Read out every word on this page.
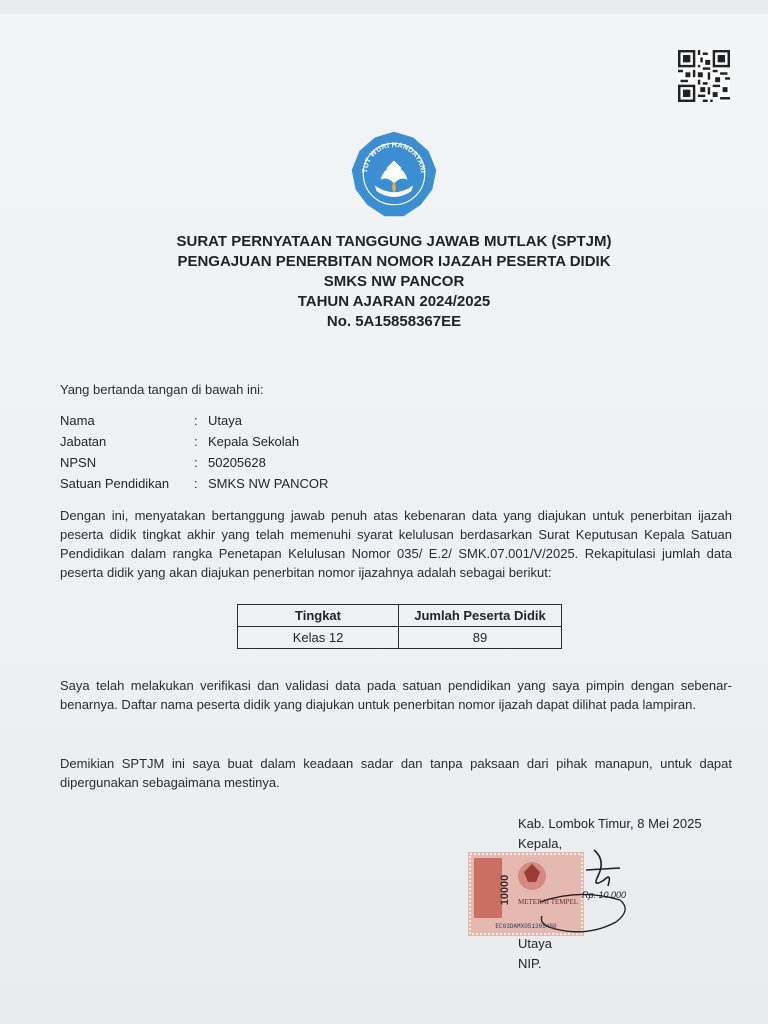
TUT WURI HANDAYANI
SURAT PERNYATAAN TANGGUNG JAWAB MUTLAK (SPTJM)
PENGAJUAN PENERBITAN NOMOR IJAZAH PESERTA DIDIK
SMKS NW PANCOR
TAHUN AJARAN 2024/2025
No. 5A15858367EE
Yang bertanda tangan di bawah ini:
Nama	: Utaya
Jabatan	: Kepala Sekolah
NPSN	: 50205628
Satuan Pendidikan	: SMKS NW PANCOR
Dengan ini, menyatakan bertanggung jawab penuh atas kebenaran data yang diajukan untuk penerbitan ijazah peserta didik tingkat akhir yang telah memenuhi syarat kelulusan berdasarkan Surat Keputusan Kepala Satuan Pendidikan dalam rangka Penetapan Kelulusan Nomor 035/ E.2/ SMK.07.001/V/2025. Rekapitulasi jumlah data peserta didik yang akan diajukan penerbitan nomor ijazahnya adalah sebagai berikut:
Tingkat	Jumlah Peserta Didik
Kelas 12	89
Saya telah melakukan verifikasi dan validasi data pada satuan pendidikan yang saya pimpin dengan sebenar-benarnya. Daftar nama peserta didik yang diajukan untuk penerbitan nomor ijazah dapat dilihat pada lampiran.
Demikian SPTJM ini saya buat dalam keadaan sadar dan tanpa paksaan dari pihak manapun, untuk dapat dipergunakan sebagaimana mestinya.
Kab. Lombok Timur, 8 Mei 2025
Kepala,
10000 METERAI TEMPEL
EC03DAMX051305480
Rp. 10.000
Utaya
NIP.
